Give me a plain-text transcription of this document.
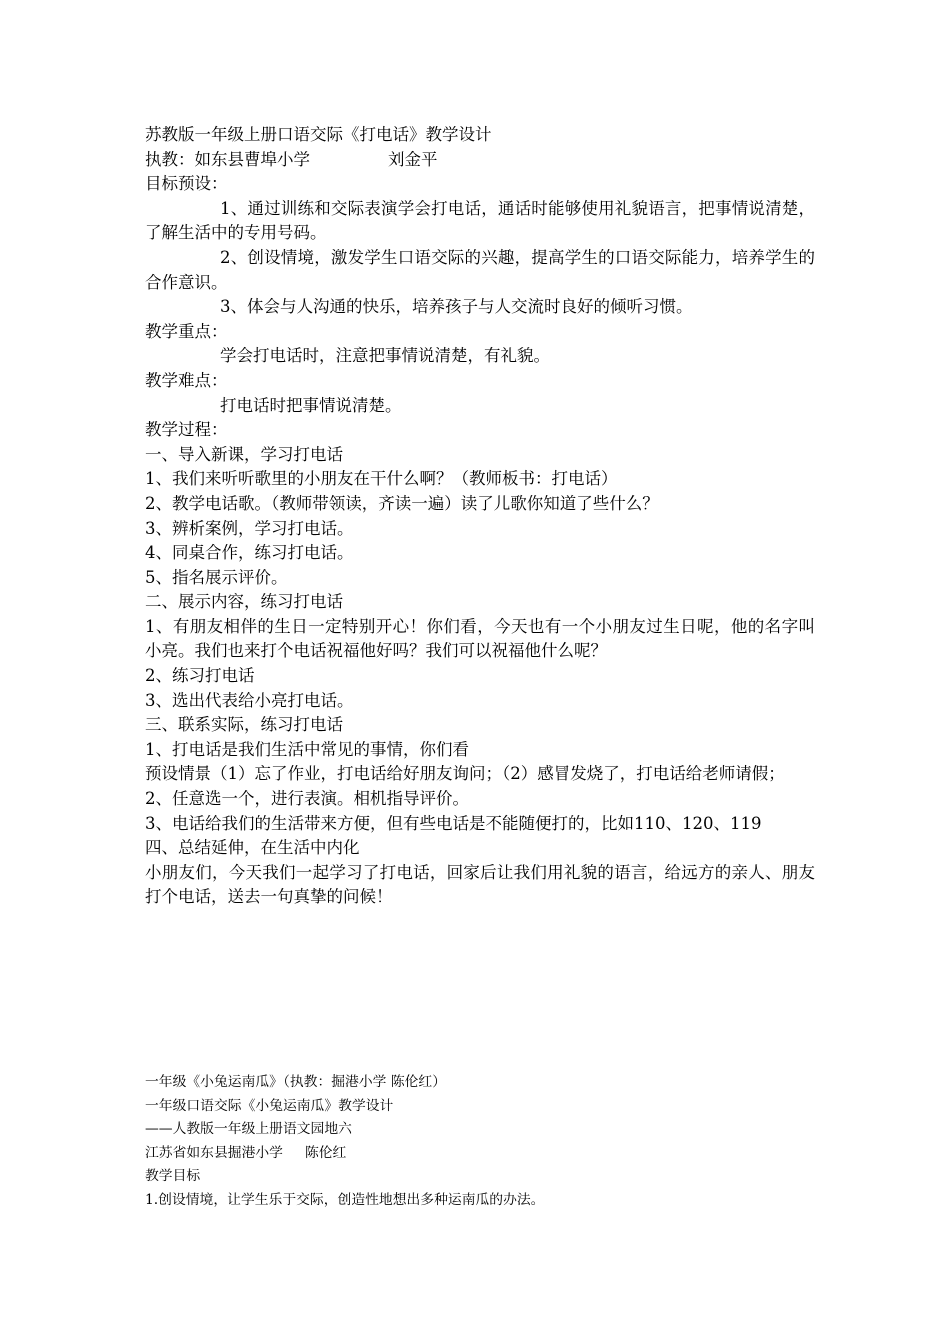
苏教版一年级上册口语交际《打电话》教学设计

执教：如东县曹埠小学	刘金平

目标预设：

1、通过训练和交际表演学会打电话，通话时能够使用礼貌语言，把事情说清楚，了解生活中的专用号码。

2、创设情境，激发学生口语交际的兴趣，提高学生的口语交际能力，培养学生的合作意识。

3、体会与人沟通的快乐，培养孩子与人交流时良好的倾听习惯。

教学重点：

学会打电话时，注意把事情说清楚，有礼貌。

教学难点：

打电话时把事情说清楚。

教学过程：

一、导入新课，学习打电话

1、我们来听听歌里的小朋友在干什么啊？（教师板书：打电话）

2、教学电话歌。（教师带领读，齐读一遍）读了儿歌你知道了些什么？

3、辨析案例，学习打电话。

4、同桌合作，练习打电话。

5、指名展示评价。

二、展示内容，练习打电话

1、有朋友相伴的生日一定特别开心！你们看，今天也有一个小朋友过生日呢，他的名字叫小亮。我们也来打个电话祝福他好吗？我们可以祝福他什么呢？

2、练习打电话

3、选出代表给小亮打电话。

三、联系实际，练习打电话

1、打电话是我们生活中常见的事情，你们看

预设情景（1）忘了作业，打电话给好朋友询问；（2）感冒发烧了，打电话给老师请假；

2、任意选一个，进行表演。相机指导评价。

3、电话给我们的生活带来方便，但有些电话是不能随便打的，比如110、120、119

四、总结延伸，在生活中内化

小朋友们，今天我们一起学习了打电话，回家后让我们用礼貌的语言，给远方的亲人、朋友打个电话，送去一句真挚的问候！

一年级《小兔运南瓜》（执教：掘港小学 陈伦红）

一年级口语交际《小兔运南瓜》教学设计

——人教版一年级上册语文园地六

江苏省如东县掘港小学 陈伦红

教学目标

1.创设情境，让学生乐于交际，创造性地想出多种运南瓜的办法。
